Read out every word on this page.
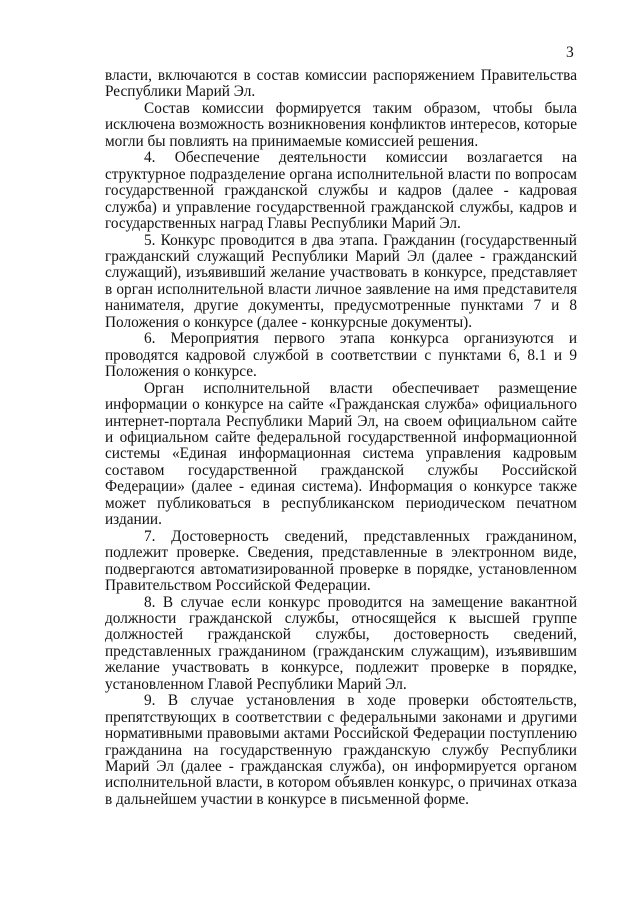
3

власти, включаются в состав комиссии распоряжением Правительства Республики Марий Эл.

Состав комиссии формируется таким образом, чтобы была исключена возможность возникновения конфликтов интересов, которые могли бы повлиять на принимаемые комиссией решения.

4. Обеспечение деятельности комиссии возлагается на структурное подразделение органа исполнительной власти по вопросам государственной гражданской службы и кадров (далее - кадровая служба) и управление государственной гражданской службы, кадров и государственных наград Главы Республики Марий Эл.

5. Конкурс проводится в два этапа. Гражданин (государственный гражданский служащий Республики Марий Эл (далее - гражданский служащий), изъявивший желание участвовать в конкурсе, представляет в орган исполнительной власти личное заявление на имя представителя нанимателя, другие документы, предусмотренные пунктами 7 и 8 Положения о конкурсе (далее - конкурсные документы).

6. Мероприятия первого этапа конкурса организуются и проводятся кадровой службой в соответствии с пунктами 6, 8.1 и 9 Положения о конкурсе.

Орган исполнительной власти обеспечивает размещение информации о конкурсе на сайте «Гражданская служба» официального интернет-портала Республики Марий Эл, на своем официальном сайте и официальном сайте федеральной государственной информационной системы «Единая информационная система управления кадровым составом государственной гражданской службы Российской Федерации» (далее - единая система). Информация о конкурсе также может публиковаться в республиканском периодическом печатном издании.

7. Достоверность сведений, представленных гражданином, подлежит проверке. Сведения, представленные в электронном виде, подвергаются автоматизированной проверке в порядке, установленном Правительством Российской Федерации.

8. В случае если конкурс проводится на замещение вакантной должности гражданской службы, относящейся к высшей группе должностей гражданской службы, достоверность сведений, представленных гражданином (гражданским служащим), изъявившим желание участвовать в конкурсе, подлежит проверке в порядке, установленном Главой Республики Марий Эл.

9. В случае установления в ходе проверки обстоятельств, препятствующих в соответствии с федеральными законами и другими нормативными правовыми актами Российской Федерации поступлению гражданина на государственную гражданскую службу Республики Марий Эл (далее - гражданская служба), он информируется органом исполнительной власти, в котором объявлен конкурс, о причинах отказа в дальнейшем участии в конкурсе в письменной форме.
